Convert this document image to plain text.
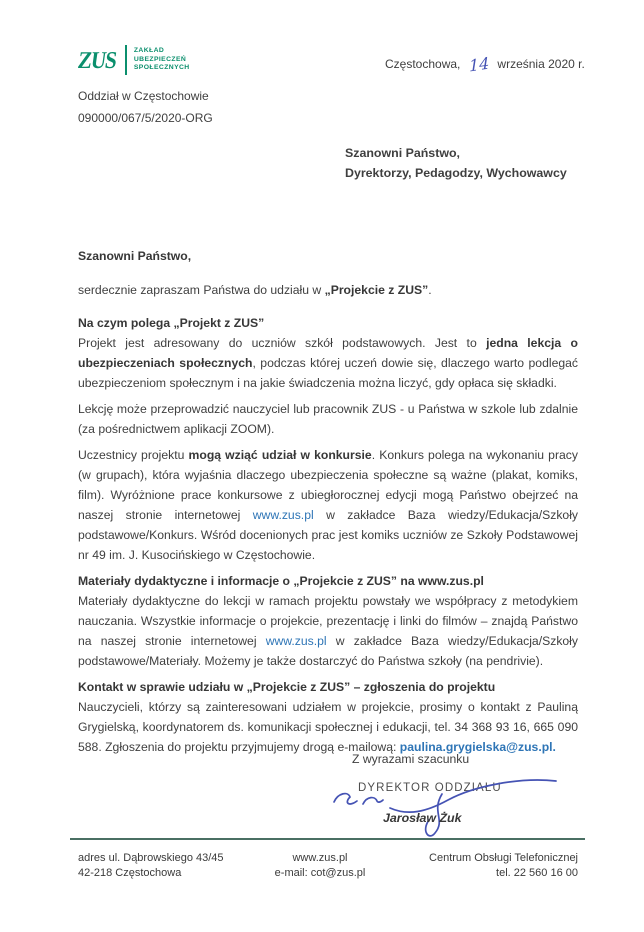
ZUS ZAKŁAD
UBEZPIECZEŃ
SPOŁECZNYCH	Częstochowa, 14 września 2020 r.
Oddział w Częstochowie
090000/067/5/2020-ORG
Szanowni Państwo,
Dyrektorzy, Pedagodzy, Wychowawcy
Szanowni Państwo,
serdecznie zapraszam Państwa do udziału w „Projekcie z ZUS”.
Na czym polega „Projekt z ZUS”
Projekt jest adresowany do uczniów szkół podstawowych. Jest to jedna lekcja o ubezpieczeniach społecznych, podczas której uczeń dowie się, dlaczego warto podlegać ubezpieczeniom społecznym i na jakie świadczenia można liczyć, gdy opłaca się składki.
Lekcję może przeprowadzić nauczyciel lub pracownik ZUS - u Państwa w szkole lub zdalnie (za pośrednictwem aplikacji ZOOM).
Uczestnicy projektu mogą wziąć udział w konkursie. Konkurs polega na wykonaniu pracy (w grupach), która wyjaśnia dlaczego ubezpieczenia społeczne są ważne (plakat, komiks, film). Wyróżnione prace konkursowe z ubiegłorocznej edycji mogą Państwo obejrzeć na naszej stronie internetowej www.zus.pl w zakładce Baza wiedzy/Edukacja/Szkoły podstawowe/Konkurs. Wśród docenionych prac jest komiks uczniów ze Szkoły Podstawowej nr 49 im. J. Kusocińskiego w Częstochowie.
Materiały dydaktyczne i informacje o „Projekcie z ZUS” na www.zus.pl
Materiały dydaktyczne do lekcji w ramach projektu powstały we współpracy z metodykiem nauczania. Wszystkie informacje o projekcie, prezentację i linki do filmów – znajdą Państwo na naszej stronie internetowej www.zus.pl w zakładce Baza wiedzy/Edukacja/Szkoły podstawowe/Materiały. Możemy je także dostarczyć do Państwa szkoły (na pendrivie).
Kontakt w sprawie udziału w „Projekcie z ZUS” – zgłoszenia do projektu
Nauczycieli, którzy są zainteresowani udziałem w projekcie, prosimy o kontakt z Pauliną Grygielską, koordynatorem ds. komunikacji społecznej i edukacji, tel. 34 368 93 16, 665 090 588. Zgłoszenia do projektu przyjmujemy drogą e-mailową: paulina.grygielska@zus.pl.
Z wyrazami szacunku
DYREKTOR ODDZIAŁU
Jarosław Żuk
adres ul. Dąbrowskiego 43/45
42-218 Częstochowa
www.zus.pl
e-mail: cot@zus.pl
Centrum Obsługi Telefonicznej
tel. 22 560 16 00
